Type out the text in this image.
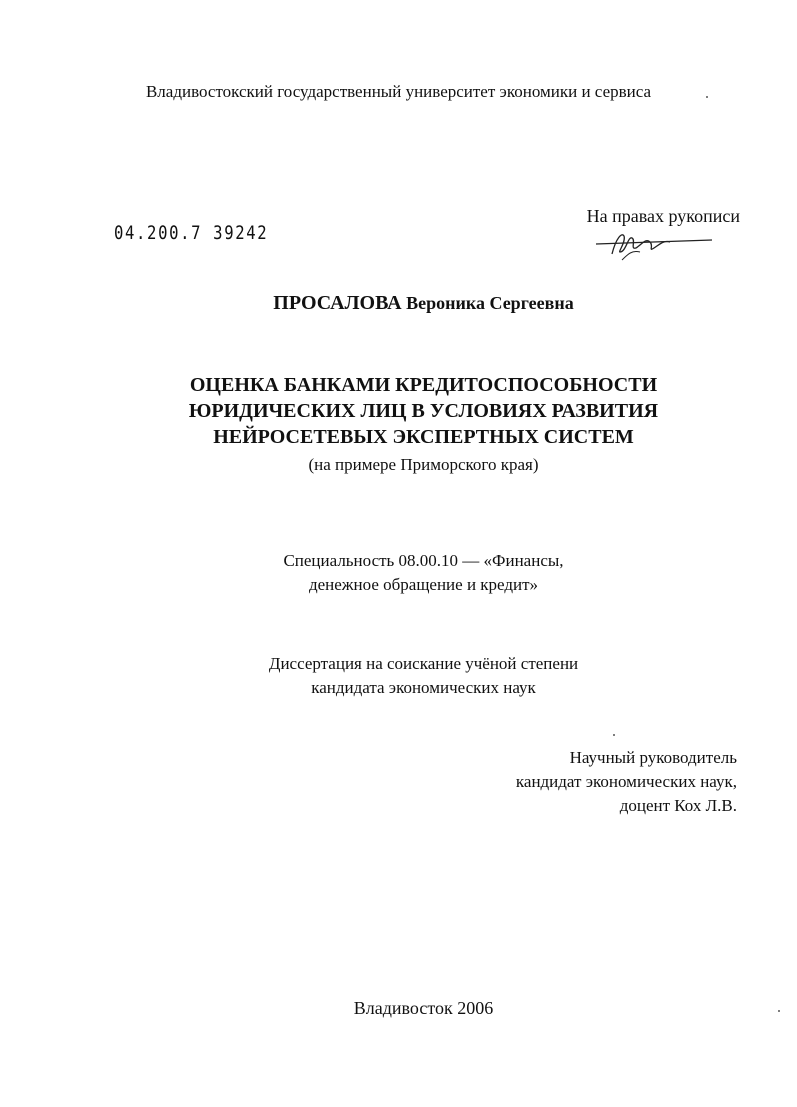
Владивостокский государственный университет экономики и сервиса
04.200.7 39242
На правах рукописи
ПРОСАЛОВА Вероника Сергеевна
ОЦЕНКА БАНКАМИ КРЕДИТОСПОСОБНОСТИ
ЮРИДИЧЕСКИХ ЛИЦ В УСЛОВИЯХ РАЗВИТИЯ
НЕЙРОСЕТЕВЫХ ЭКСПЕРТНЫХ СИСТЕМ
(на примере Приморского края)
Специальность 08.00.10 — «Финансы,
денежное обращение и кредит»
Диссертация на соискание учёной степени
кандидата экономических наук
Научный руководитель
кандидат экономических наук,
доцент Кох Л.В.
Владивосток 2006
